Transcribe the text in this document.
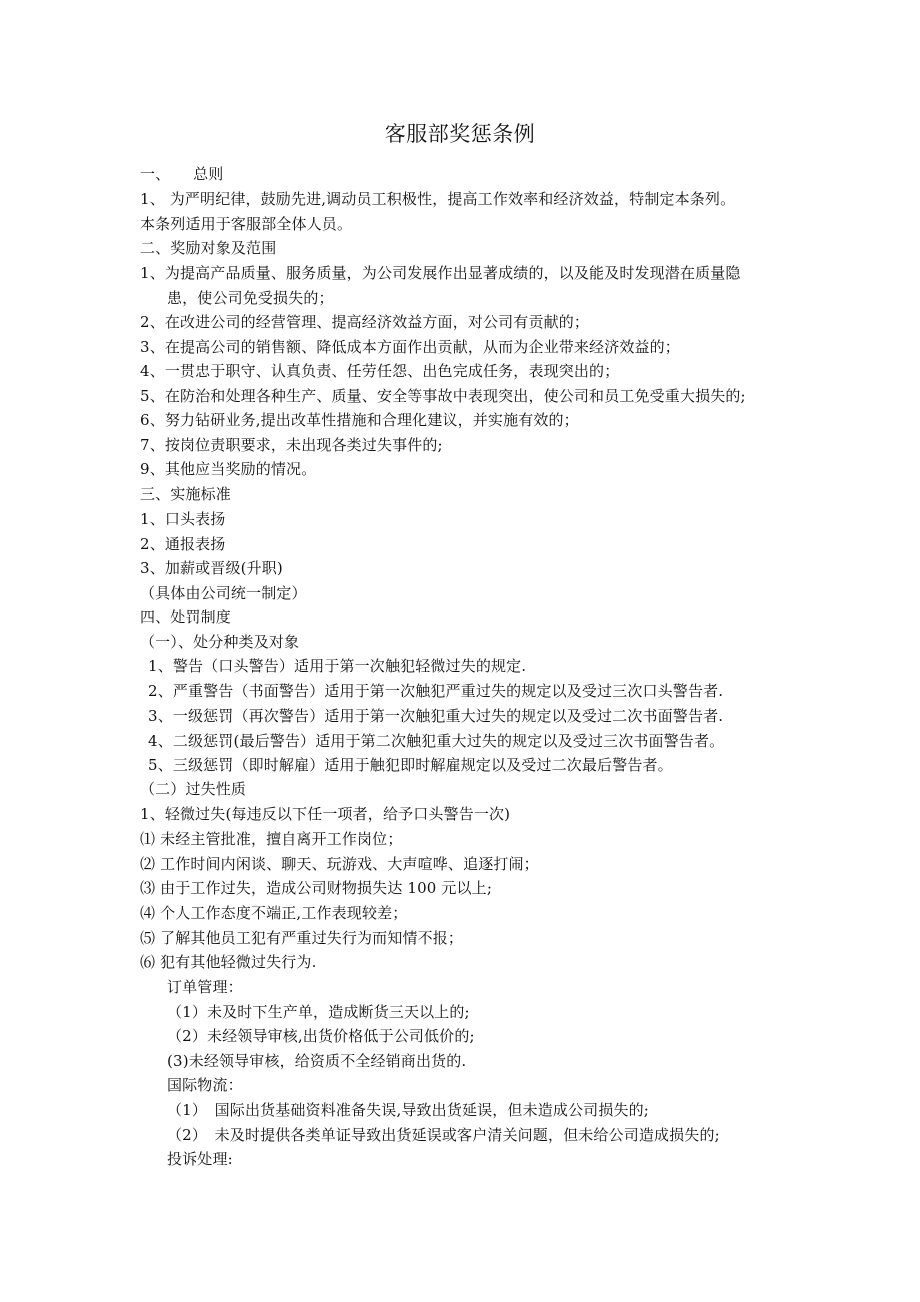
客服部奖惩条例
一、　　总则
1、 为严明纪律，鼓励先进,调动员工积极性，提高工作效率和经济效益，特制定本条列。
本条列适用于客服部全体人员。
二、奖励对象及范围
1、为提高产品质量、服务质量，为公司发展作出显著成绩的，以及能及时发现潜在质量隐
患，使公司免受损失的；
2、在改进公司的经营管理、提高经济效益方面，对公司有贡献的；
3、在提高公司的销售额、降低成本方面作出贡献，从而为企业带来经济效益的；
4、一贯忠于职守、认真负责、任劳任怨、出色完成任务，表现突出的；
5、在防治和处理各种生产、质量、安全等事故中表现突出，使公司和员工免受重大损失的;
6、努力钻研业务,提出改革性措施和合理化建议，并实施有效的；
7、按岗位责职要求，未出现各类过失事件的;
9、其他应当奖励的情况。
三、实施标准
1、口头表扬
2、通报表扬
3、加薪或晋级(升职)
（具体由公司统一制定）
四、处罚制度
（一）、处分种类及对象
1、警告（口头警告）适用于第一次触犯轻微过失的规定.
2、严重警告（书面警告）适用于第一次触犯严重过失的规定以及受过三次口头警告者.
3、一级惩罚（再次警告）适用于第一次触犯重大过失的规定以及受过二次书面警告者.
4、二级惩罚(最后警告）适用于第二次触犯重大过失的规定以及受过三次书面警告者。
5、三级惩罚（即时解雇）适用于触犯即时解雇规定以及受过二次最后警告者。
（二）过失性质
1、轻微过失(每违反以下任一项者，给予口头警告一次)
⑴ 未经主管批准，擅自离开工作岗位；
⑵ 工作时间内闲谈、聊天、玩游戏、大声喧哗、追逐打闹；
⑶ 由于工作过失，造成公司财物损失达 100 元以上;
⑷ 个人工作态度不端正,工作表现较差；
⑸ 了解其他员工犯有严重过失行为而知情不报；
⑹ 犯有其他轻微过失行为.
订单管理：
（1）未及时下生产单，造成断货三天以上的;
（2）未经领导审核,出货价格低于公司低价的;
(3)未经领导审核，给资质不全经销商出货的.
国际物流：
（1）　国际出货基础资料准备失误,导致出货延误，但未造成公司损失的;
（2）　未及时提供各类单证导致出货延误或客户清关问题，但未给公司造成损失的;
投诉处理:
